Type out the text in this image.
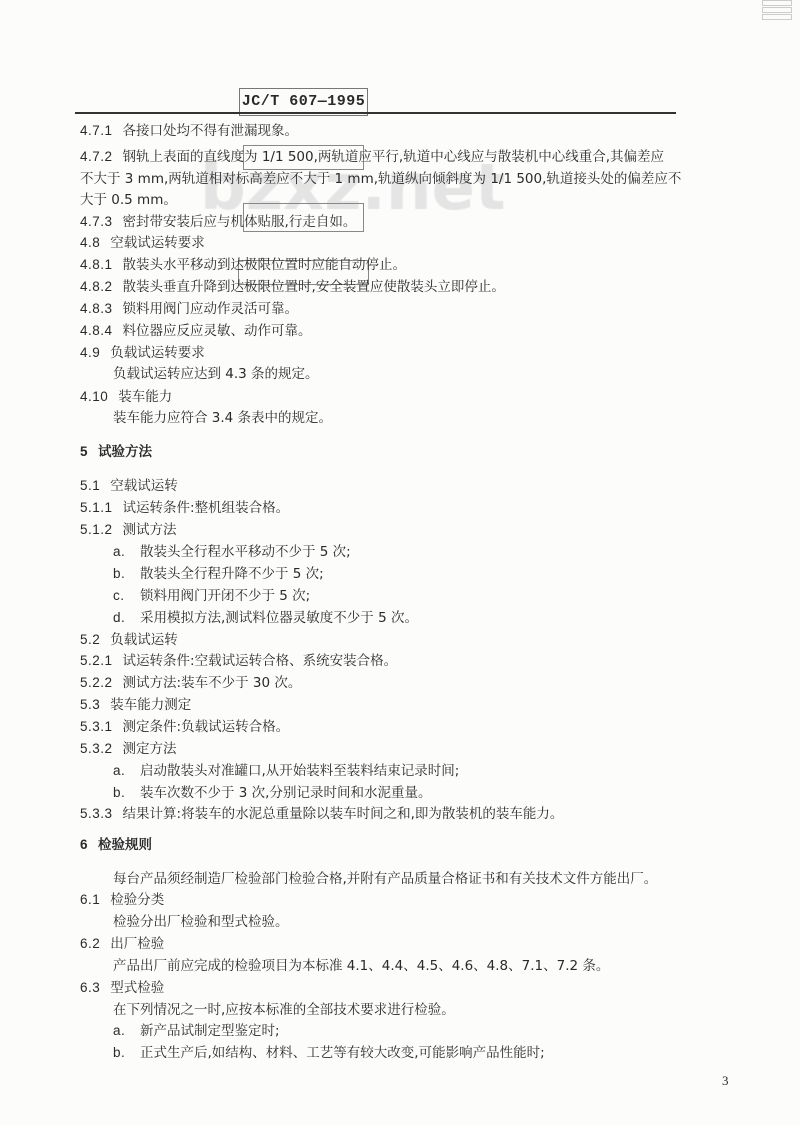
JC/T 607—1995
4.7.1 各接口处均不得有泄漏现象。
4.7.2 钢轨上表面的直线度为 1/1 500,两轨道应平行,轨道中心线应与散装机中心线重合,其偏差应
不大于 3 mm,两轨道相对标高差应不大于 1 mm,轨道纵向倾斜度为 1/1 500,轨道接头处的偏差应不
大于 0.5 mm。
4.7.3 密封带安装后应与机体贴服,行走自如。
4.8 空载试运转要求
4.8.1 散装头水平移动到达极限位置时应能自动停止。
4.8.2 散装头垂直升降到达极限位置时,安全装置应使散装头立即停止。
4.8.3 锁料用阀门应动作灵活可靠。
4.8.4 料位器应反应灵敏、动作可靠。
4.9 负载试运转要求
负载试运转应达到 4.3 条的规定。
4.10 装车能力
装车能力应符合 3.4 条表中的规定。
5 试验方法
5.1 空载试运转
5.1.1 试运转条件:整机组装合格。
5.1.2 测试方法
a. 散装头全行程水平移动不少于 5 次;
b. 散装头全行程升降不少于 5 次;
c. 锁料用阀门开闭不少于 5 次;
d. 采用模拟方法,测试料位器灵敏度不少于 5 次。
5.2 负载试运转
5.2.1 试运转条件:空载试运转合格、系统安装合格。
5.2.2 测试方法:装车不少于 30 次。
5.3 装车能力测定
5.3.1 测定条件:负载试运转合格。
5.3.2 测定方法
a. 启动散装头对准罐口,从开始装料至装料结束记录时间;
b. 装车次数不少于 3 次,分别记录时间和水泥重量。
5.3.3 结果计算:将装车的水泥总重量除以装车时间之和,即为散装机的装车能力。
6 检验规则
每台产品须经制造厂检验部门检验合格,并附有产品质量合格证书和有关技术文件方能出厂。
6.1 检验分类
检验分出厂检验和型式检验。
6.2 出厂检验
产品出厂前应完成的检验项目为本标准 4.1、4.4、4.5、4.6、4.8、7.1、7.2 条。
6.3 型式检验
在下列情况之一时,应按本标准的全部技术要求进行检验。
a. 新产品试制定型鉴定时;
b. 正式生产后,如结构、材料、工艺等有较大改变,可能影响产品性能时;
3
